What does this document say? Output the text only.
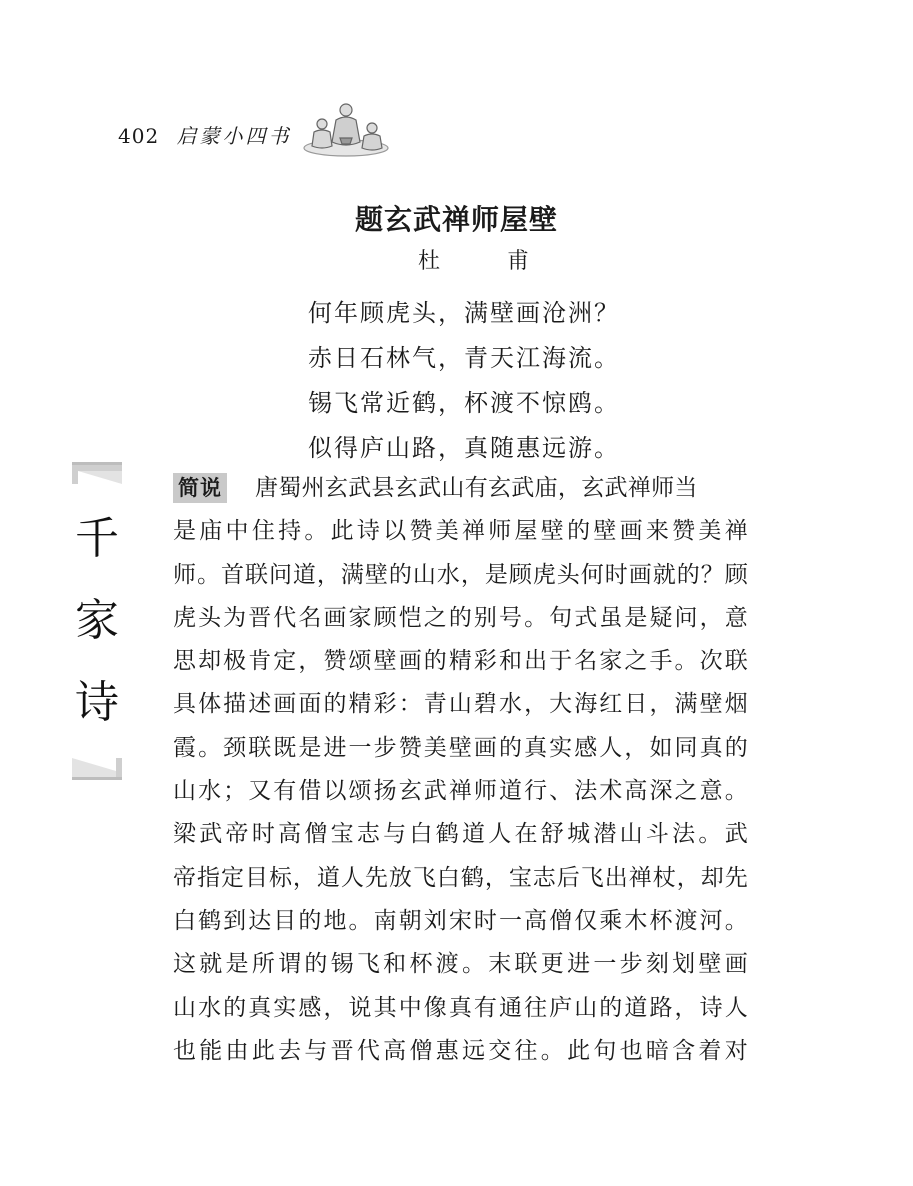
402 启蒙小四书
题玄武禅师屋壁
杜 甫
何年顾虎头，满壁画沧洲？
赤日石林气，青天江海流。
锡飞常近鹤，杯渡不惊鸥。
似得庐山路，真随惠远游。
千
家
诗
简说 唐蜀州玄武县玄武山有玄武庙，玄武禅师当
是庙中住持。此诗以赞美禅师屋壁的壁画来赞美禅
师。首联问道，满壁的山水，是顾虎头何时画就的？顾
虎头为晋代名画家顾恺之的别号。句式虽是疑问，意
思却极肯定，赞颂壁画的精彩和出于名家之手。次联
具体描述画面的精彩：青山碧水，大海红日，满壁烟
霞。颈联既是进一步赞美壁画的真实感人，如同真的
山水；又有借以颂扬玄武禅师道行、法术高深之意。
梁武帝时高僧宝志与白鹤道人在舒城潜山斗法。武
帝指定目标，道人先放飞白鹤，宝志后飞出禅杖，却先
白鹤到达目的地。南朝刘宋时一高僧仅乘木杯渡河。
这就是所谓的锡飞和杯渡。末联更进一步刻划壁画
山水的真实感，说其中像真有通往庐山的道路，诗人
也能由此去与晋代高僧惠远交往。此句也暗含着对
